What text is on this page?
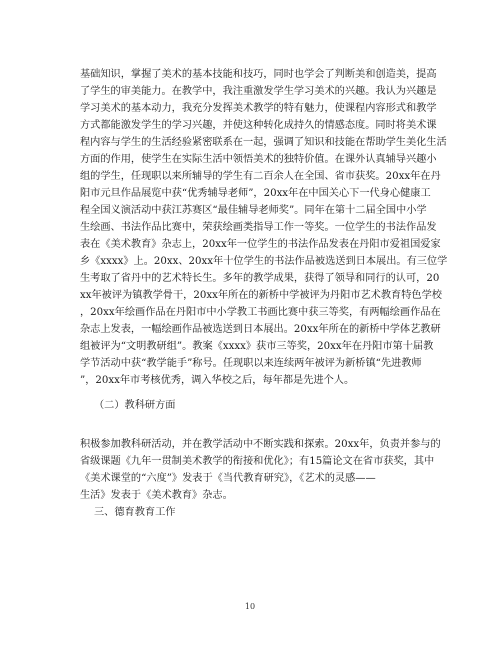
基础知识，掌握了美术的基本技能和技巧，同时也学会了判断美和创造美，提高
了学生的审美能力。在教学中，我注重激发学生学习美术的兴趣。我认为兴趣是
学习美术的基本动力，我充分发挥美术教学的特有魅力，使课程内容形式和教学
方式都能激发学生的学习兴趣，并使这种转化成持久的情感态度。同时将美术课
程内容与学生的生活经验紧密联系在一起，强调了知识和技能在帮助学生美化生活
方面的作用，使学生在实际生活中领悟美术的独特价值。在课外认真辅导兴趣小
组的学生，任现职以来所辅导的学生有二百余人在全国、省市获奖。20xx年在丹
阳市元旦作品展览中获“优秀辅导老师”，20xx年在中国关心下一代身心健康工
程全国义演活动中获江苏赛区“最佳辅导老师奖”。同年在第十二届全国中小学
生绘画、书法作品比赛中，荣获绘画类指导工作一等奖。一位学生的书法作品发
表在《美术教育》杂志上，20xx年一位学生的书法作品发表在丹阳市爱祖国爱家
乡《xxxx》上。20xx、20xx年十位学生的书法作品被选送到日本展出。有三位学
生考取了省丹中的艺术特长生。多年的教学成果，获得了领导和同行的认可，20
xx年被评为镇教学骨干，20xx年所在的新桥中学被评为丹阳市艺术教育特色学校
，20xx年绘画作品在丹阳市中小学教工书画比赛中获三等奖，有两幅绘画作品在
杂志上发表，一幅绘画作品被选送到日本展出。20xx年所在的新桥中学体艺教研
组被评为“文明教研组”。教案《xxxx》获市三等奖，20xx年在丹阳市第十届教
学节活动中获“教学能手”称号。任现职以来连续两年被评为新桥镇“先进教师
”，20xx年市考核优秀，调入华校之后，每年都是先进个人。
（二）教科研方面
积极参加教科研活动，并在教学活动中不断实践和探索。20xx年，负责并参与的
省级课题《九年一贯制美术教学的衔接和优化》；有15篇论文在省市获奖，其中
《美术课堂的“六度”》发表于《当代教育研究》，《艺术的灵感——
生活》发表于《美术教育》杂志。
三、德育教育工作
10
